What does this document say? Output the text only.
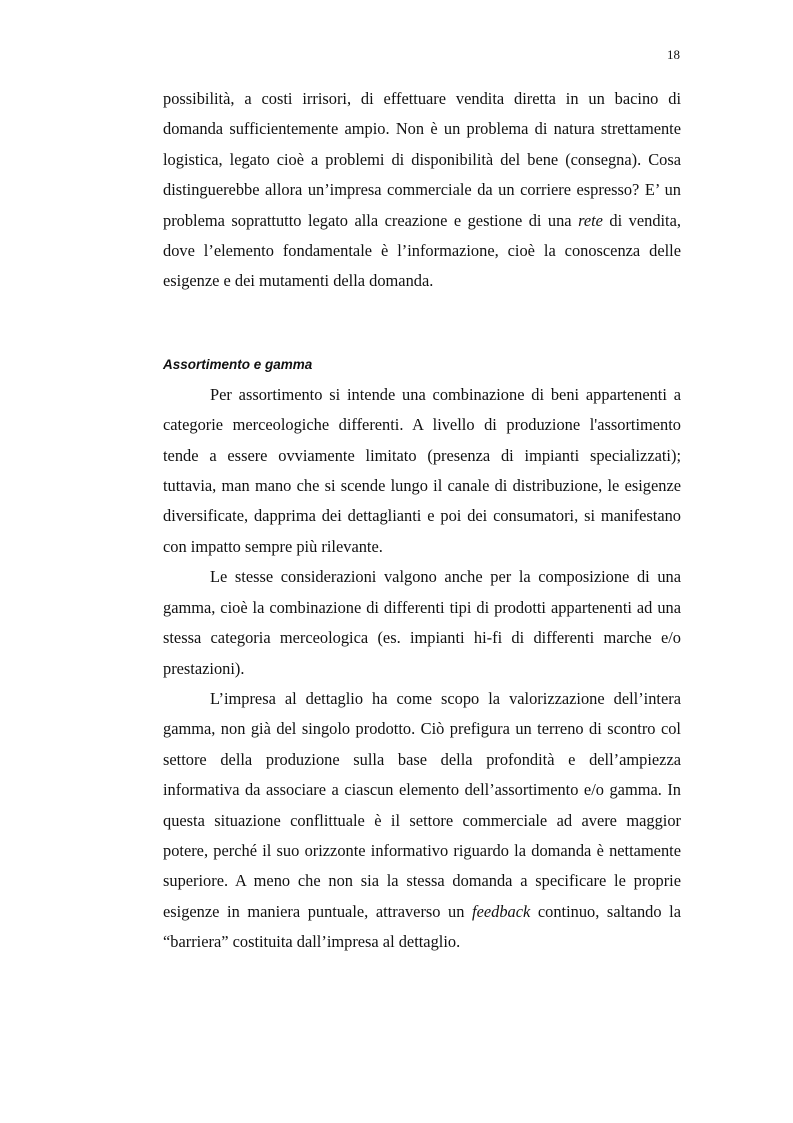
18

possibilità, a costi irrisori, di effettuare vendita diretta in un bacino di domanda sufficientemente ampio. Non è un problema di natura strettamente logistica, legato cioè a problemi di disponibilità del bene (consegna). Cosa distinguerebbe allora un’impresa commerciale da un corriere espresso? E’ un problema soprattutto legato alla creazione e gestione di una rete di vendita, dove l’elemento fondamentale è l’informazione, cioè la conoscenza delle esigenze e dei mutamenti della domanda.

Assortimento e gamma

Per assortimento si intende una combinazione di beni appartenenti a categorie merceologiche differenti. A livello di produzione l'assortimento tende a essere ovviamente limitato (presenza di impianti specializzati); tuttavia, man mano che si scende lungo il canale di distribuzione, le esigenze diversificate, dapprima dei dettaglianti e poi dei consumatori, si manifestano con impatto sempre più rilevante.

Le stesse considerazioni valgono anche per la composizione di una gamma, cioè la combinazione di differenti tipi di prodotti appartenenti ad una stessa categoria merceologica (es. impianti hi-fi di differenti marche e/o prestazioni).

L’impresa al dettaglio ha come scopo la valorizzazione dell’intera gamma, non già del singolo prodotto. Ciò prefigura un terreno di scontro col settore della produzione sulla base della profondità e dell’ampiezza informativa da associare a ciascun elemento dell’assortimento e/o gamma. In questa situazione conflittuale è il settore commerciale ad avere maggior potere, perché il suo orizzonte informativo riguardo la domanda è nettamente superiore. A meno che non sia la stessa domanda a specificare le proprie esigenze in maniera puntuale, attraverso un feedback continuo, saltando la “barriera” costituita dall’impresa al dettaglio.
